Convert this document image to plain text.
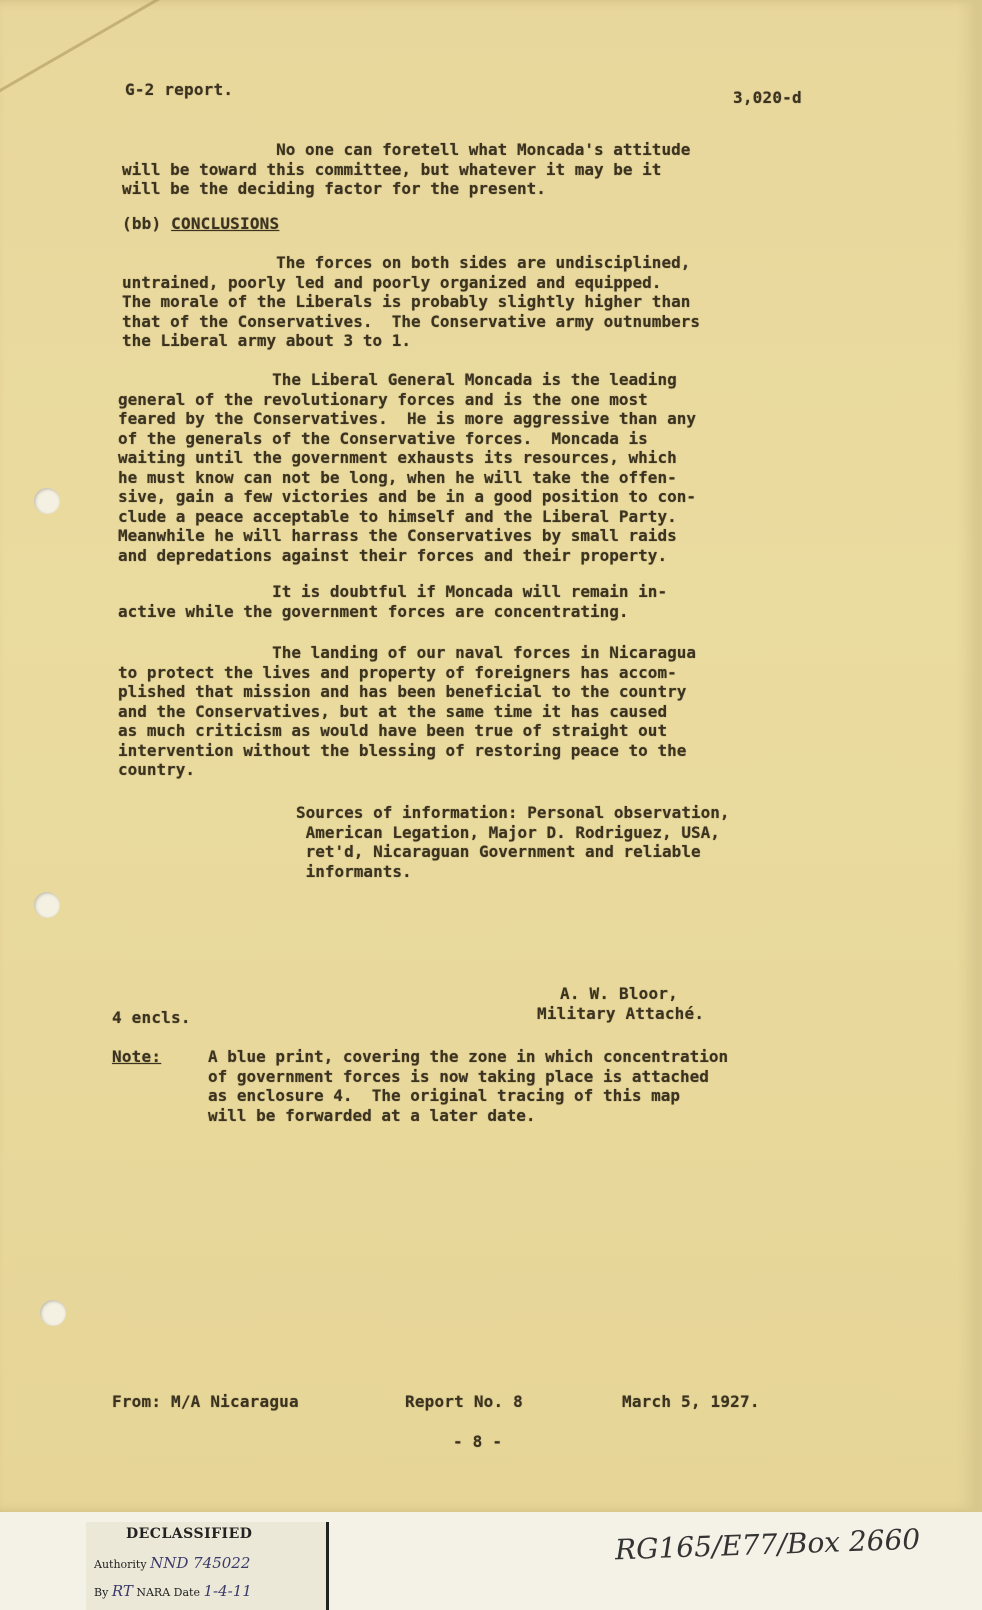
G-2 report.	3,020-d
No one can foretell what Moncada's attitude
will be toward this committee, but whatever it may be it
will be the deciding factor for the present.
(bb) CONCLUSIONS
The forces on both sides are undisciplined,
untrained, poorly led and poorly organized and equipped.
The morale of the Liberals is probably slightly higher than
that of the Conservatives.  The Conservative army outnumbers
the Liberal army about 3 to 1.
The Liberal General Moncada is the leading
general of the revolutionary forces and is the one most
feared by the Conservatives.  He is more aggressive than any
of the generals of the Conservative forces.  Moncada is
waiting until the government exhausts its resources, which
he must know can not be long, when he will take the offen-
sive, gain a few victories and be in a good position to con-
clude a peace acceptable to himself and the Liberal Party.
Meanwhile he will harrass the Conservatives by small raids
and depredations against their forces and their property.
It is doubtful if Moncada will remain in-
active while the government forces are concentrating.
The landing of our naval forces in Nicaragua
to protect the lives and property of foreigners has accom-
plished that mission and has been beneficial to the country
and the Conservatives, but at the same time it has caused
as much criticism as would have been true of straight out
intervention without the blessing of restoring peace to the
country.
Sources of information: Personal observation,
American Legation, Major D. Rodriguez, USA,
ret'd, Nicaraguan Government and reliable
informants.
A. W. Bloor,
Military Attaché.
4 encls.
Note:	A blue print, covering the zone in which concentration
of government forces is now taking place is attached
as enclosure 4.  The original tracing of this map
will be forwarded at a later date.
From: M/A Nicaragua	Report No. 8	March 5, 1927.
- 8 -
DECLASSIFIED
Authority NND 745022
By RT NARA Date 1-4-11
RG165/E77/Box 2660
